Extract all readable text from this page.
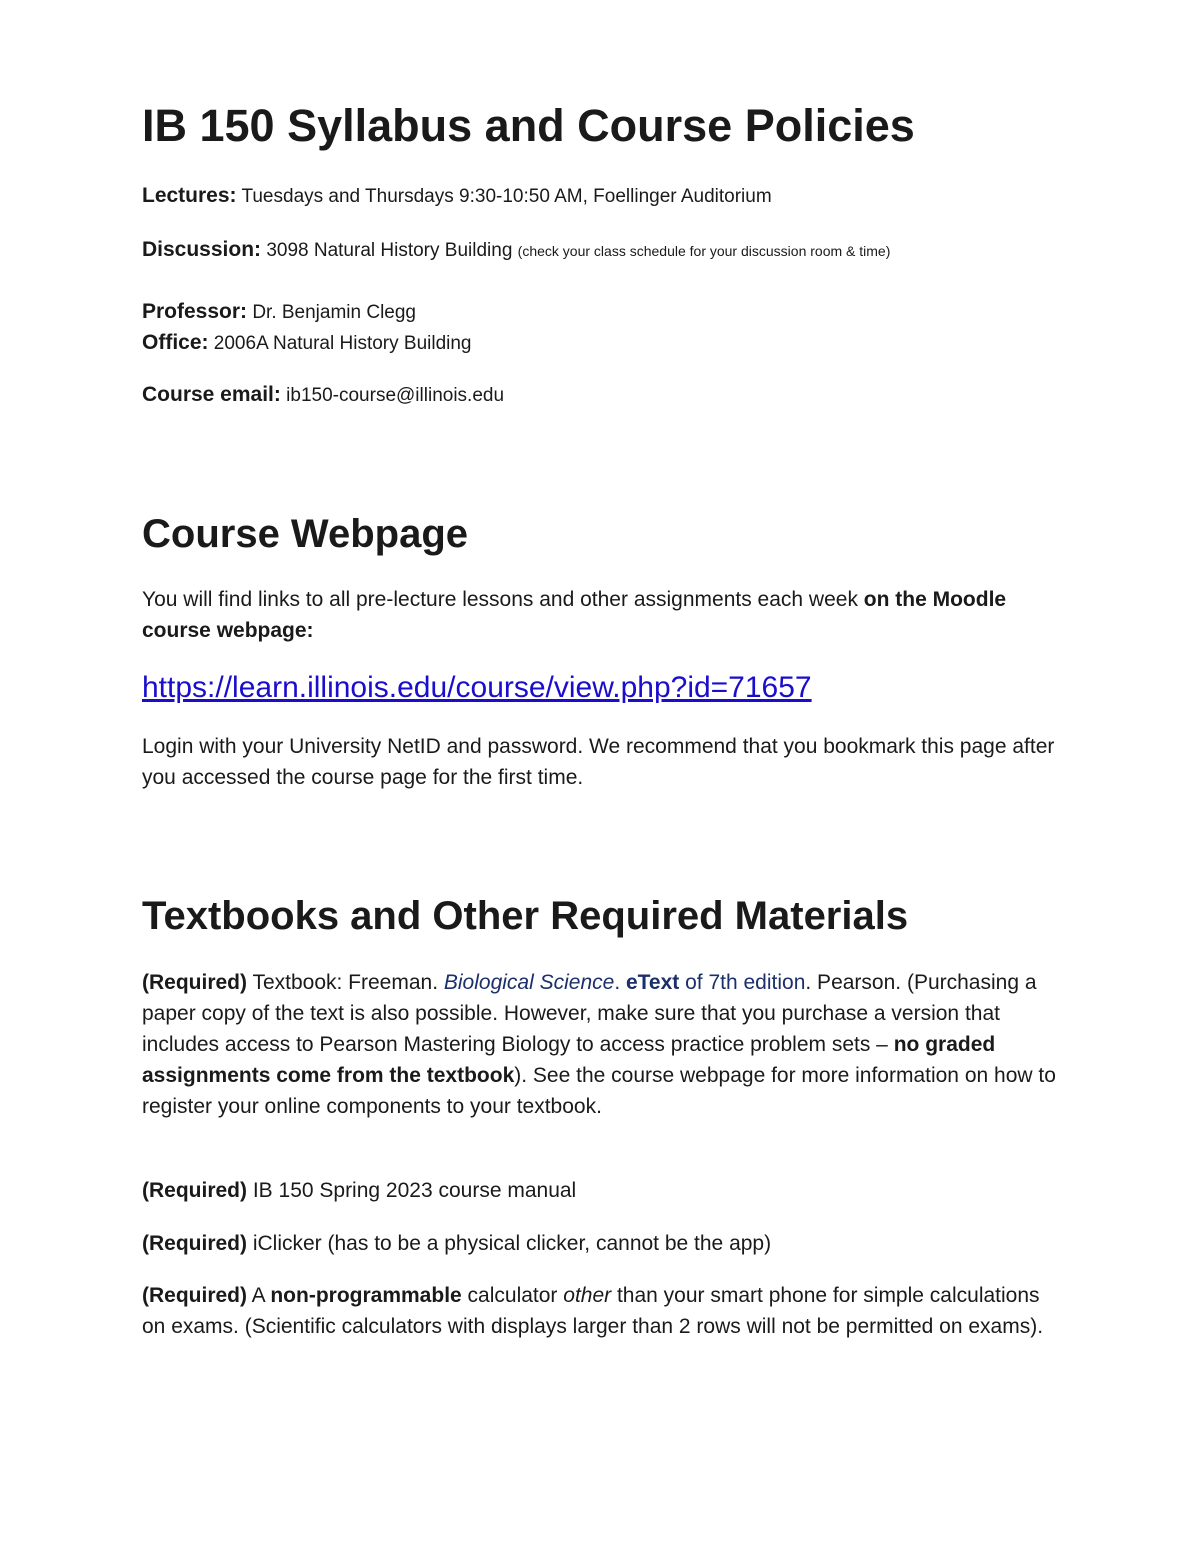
IB 150 Syllabus and Course Policies
Lectures: Tuesdays and Thursdays 9:30-10:50 AM, Foellinger Auditorium
Discussion: 3098 Natural History Building (check your class schedule for your discussion room & time)
Professor: Dr. Benjamin Clegg
Office: 2006A Natural History Building
Course email: ib150-course@illinois.edu
Course Webpage

You will find links to all pre-lecture lessons and other assignments each week on the Moodle course webpage:

https://learn.illinois.edu/course/view.php?id=71657
Login with your University NetID and password. We recommend that you bookmark this page after you accessed the course page for the first time.
Textbooks and Other Required Materials

(Required) Textbook: Freeman. Biological Science. eText of 7th edition. Pearson. (Purchasing a paper copy of the text is also possible. However, make sure that you purchase a version that includes access to Pearson Mastering Biology to access practice problem sets – no graded assignments come from the textbook). See the course webpage for more information on how to register your online components to your textbook.

(Required) IB 150 Spring 2023 course manual

(Required) iClicker (has to be a physical clicker, cannot be the app)

(Required) A non-programmable calculator other than your smart phone for simple calculations on exams. (Scientific calculators with displays larger than 2 rows will not be permitted on exams).
